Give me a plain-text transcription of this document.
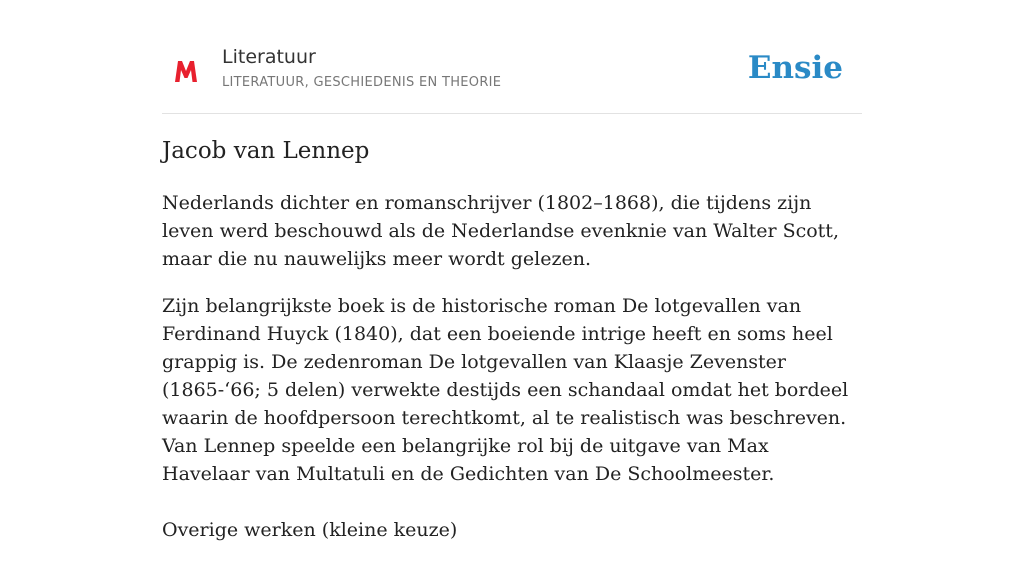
Literatuur
LITERATUUR, GESCHIEDENIS EN THEORIE	Ensie
Jacob van Lennep

Nederlands dichter en romanschrijver (1802–1868), die tijdens zijn leven werd beschouwd als de Nederlandse evenknie van Walter Scott, maar die nu nauwelijks meer wordt gelezen.

Zijn belangrijkste boek is de historische roman De lotgevallen van Ferdinand Huyck (1840), dat een boeiende intrige heeft en soms heel grappig is. De zedenroman De lotgevallen van Klaasje Zevenster (1865-‘66; 5 delen) verwekte destijds een schandaal omdat het bordeel waarin de hoofdpersoon terechtkomt, al te realistisch was beschreven. Van Lennep speelde een belangrijke rol bij de uitgave van Max Havelaar van Multatuli en de Gedichten van De Schoolmeester.

Overige werken (kleine keuze)
